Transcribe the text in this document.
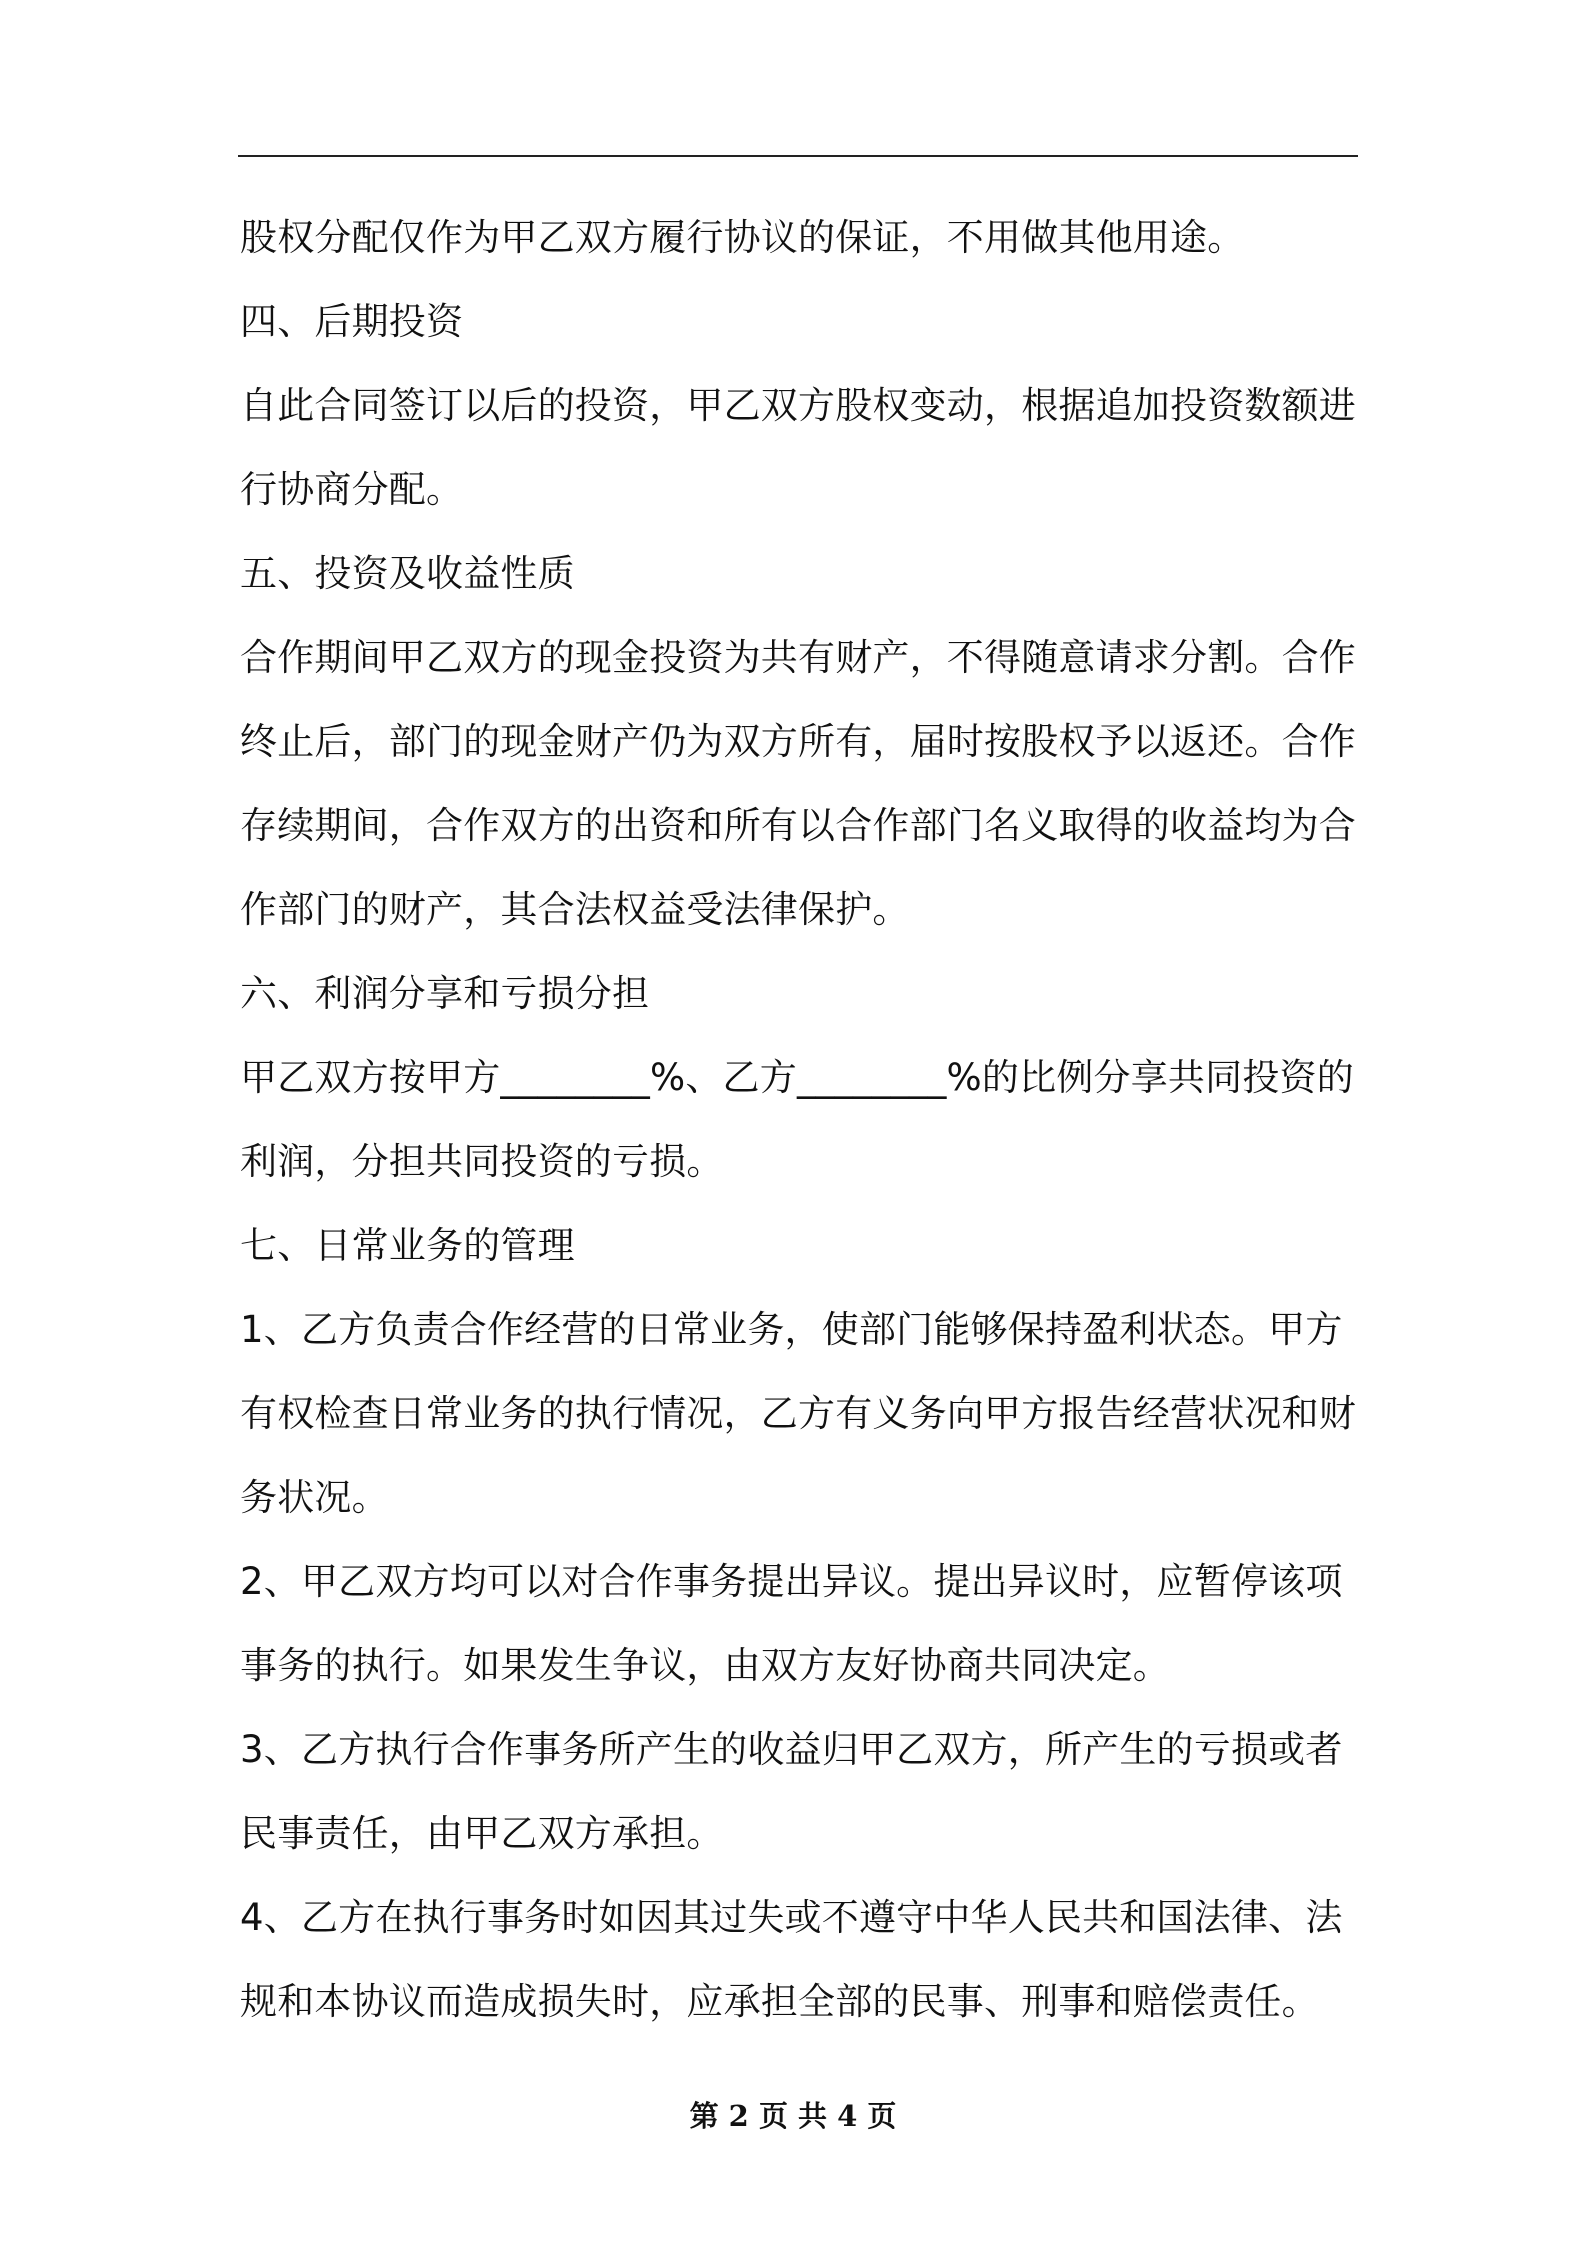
股权分配仅作为甲乙双方履行协议的保证，不用做其他用途。

四、后期投资

自此合同签订以后的投资，甲乙双方股权变动，根据追加投资数额进行协商分配。

五、投资及收益性质

合作期间甲乙双方的现金投资为共有财产，不得随意请求分割。合作终止后，部门的现金财产仍为双方所有，届时按股权予以返还。合作存续期间，合作双方的出资和所有以合作部门名义取得的收益均为合作部门的财产，其合法权益受法律保护。

六、利润分享和亏损分担

甲乙双方按甲方________%、乙方________%的比例分享共同投资的利润，分担共同投资的亏损。

七、日常业务的管理

1、乙方负责合作经营的日常业务，使部门能够保持盈利状态。甲方有权检查日常业务的执行情况，乙方有义务向甲方报告经营状况和财务状况。

2、甲乙双方均可以对合作事务提出异议。提出异议时，应暂停该项事务的执行。如果发生争议，由双方友好协商共同决定。

3、乙方执行合作事务所产生的收益归甲乙双方，所产生的亏损或者民事责任，由甲乙双方承担。

4、乙方在执行事务时如因其过失或不遵守中华人民共和国法律、法规和本协议而造成损失时，应承担全部的民事、刑事和赔偿责任。

第 2 页 共 4 页
